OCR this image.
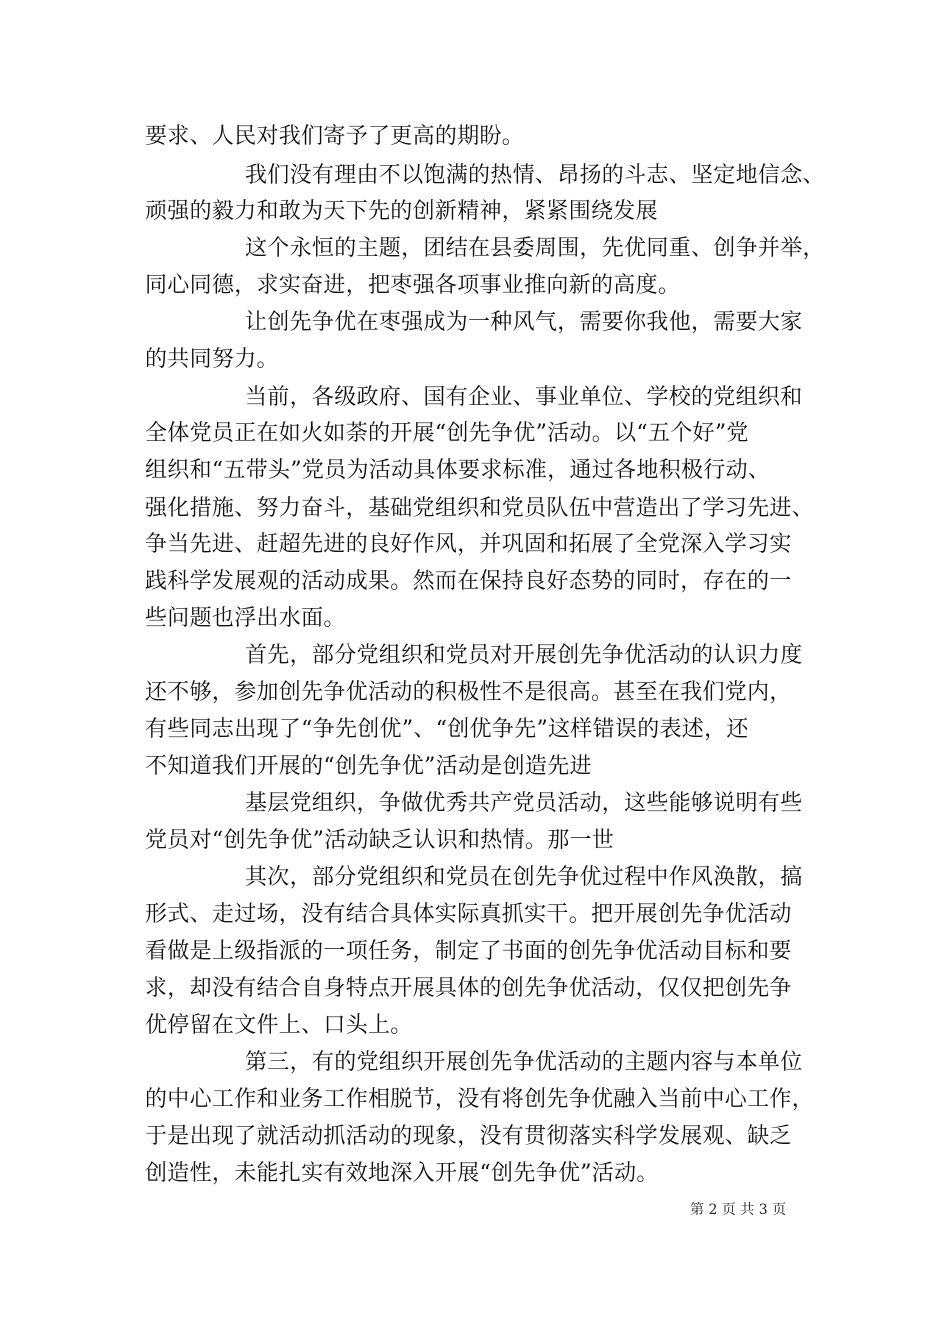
要求、人民对我们寄予了更高的期盼。
我们没有理由不以饱满的热情、昂扬的斗志、坚定地信念、
顽强的毅力和敢为天下先的创新精神，紧紧围绕发展
这个永恒的主题，团结在县委周围，先优同重、创争并举，
同心同德，求实奋进，把枣强各项事业推向新的高度。
让创先争优在枣强成为一种风气，需要你我他，需要大家
的共同努力。
当前，各级政府、国有企业、事业单位、学校的党组织和
全体党员正在如火如荼的开展“创先争优”活动。以“五个好”党
组织和“五带头”党员为活动具体要求标准，通过各地积极行动、
强化措施、努力奋斗，基础党组织和党员队伍中营造出了学习先进、
争当先进、赶超先进的良好作风，并巩固和拓展了全党深入学习实
践科学发展观的活动成果。然而在保持良好态势的同时，存在的一
些问题也浮出水面。
首先，部分党组织和党员对开展创先争优活动的认识力度
还不够，参加创先争优活动的积极性不是很高。甚至在我们党内，
有些同志出现了“争先创优”、“创优争先”这样错误的表述，还
不知道我们开展的“创先争优”活动是创造先进
基层党组织，争做优秀共产党员活动，这些能够说明有些
党员对“创先争优”活动缺乏认识和热情。那一世
其次，部分党组织和党员在创先争优过程中作风涣散，搞
形式、走过场，没有结合具体实际真抓实干。把开展创先争优活动
看做是上级指派的一项任务，制定了书面的创先争优活动目标和要
求，却没有结合自身特点开展具体的创先争优活动，仅仅把创先争
优停留在文件上、口头上。
第三，有的党组织开展创先争优活动的主题内容与本单位
的中心工作和业务工作相脱节，没有将创先争优融入当前中心工作，
于是出现了就活动抓活动的现象，没有贯彻落实科学发展观、缺乏
创造性，未能扎实有效地深入开展“创先争优”活动。
第 2 页 共 3 页
